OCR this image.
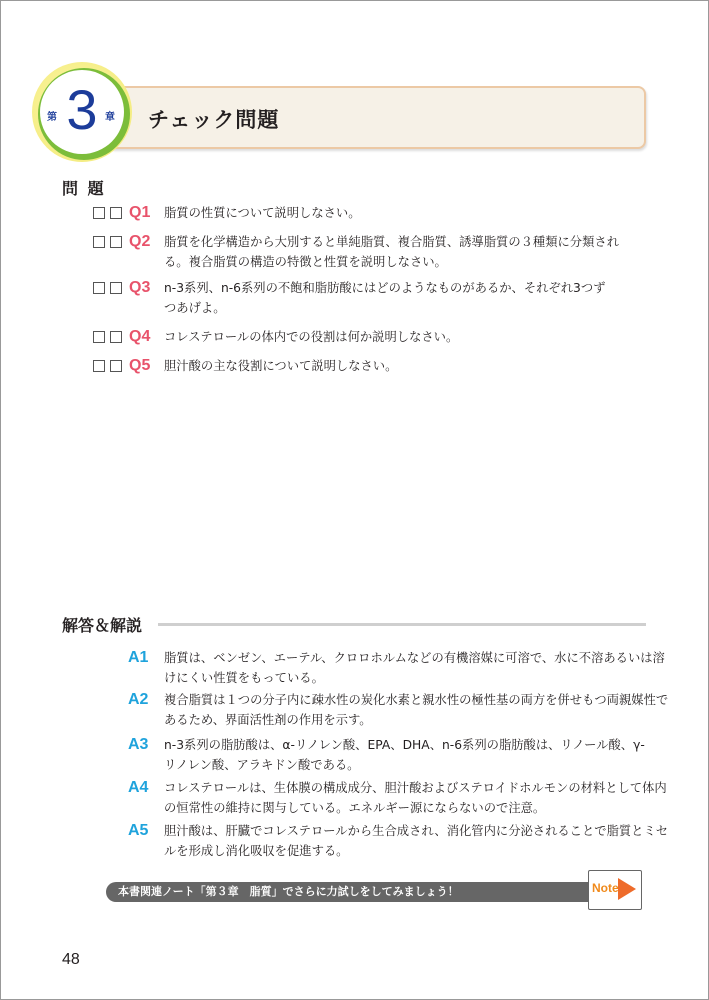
第 3 章 チェック問題
問 題
Q1	脂質の性質について説明しなさい。
Q2	脂質を化学構造から大別すると単純脂質、複合脂質、誘導脂質の３種類に分類され
る。複合脂質の構造の特徴と性質を説明しなさい。
Q3	n-3系列、n-6系列の不飽和脂肪酸にはどのようなものがあるか、それぞれ3つず
つあげよ。
Q4	コレステロールの体内での役割は何か説明しなさい。
Q5	胆汁酸の主な役割について説明しなさい。
解答＆解説
A1 脂質は、ベンゼン、エーテル、クロロホルムなどの有機溶媒に可溶で、水に不溶あるいは溶
けにくい性質をもっている。
A2 複合脂質は１つの分子内に疎水性の炭化水素と親水性の極性基の両方を併せもつ両親媒性で
あるため、界面活性剤の作用を示す。
A3 n-3系列の脂肪酸は、α-リノレン酸、EPA、DHA、n-6系列の脂肪酸は、リノール酸、γ-
リノレン酸、アラキドン酸である。
A4 コレステロールは、生体膜の構成成分、胆汁酸およびステロイドホルモンの材料として体内
の恒常性の維持に関与している。エネルギー源にならないので注意。
A5 胆汁酸は、肝臓でコレステロールから生合成され、消化管内に分泌されることで脂質とミセ
ルを形成し消化吸収を促進する。
本書関連ノート「第３章　脂質」でさらに力試しをしてみましょう！	Note
48
